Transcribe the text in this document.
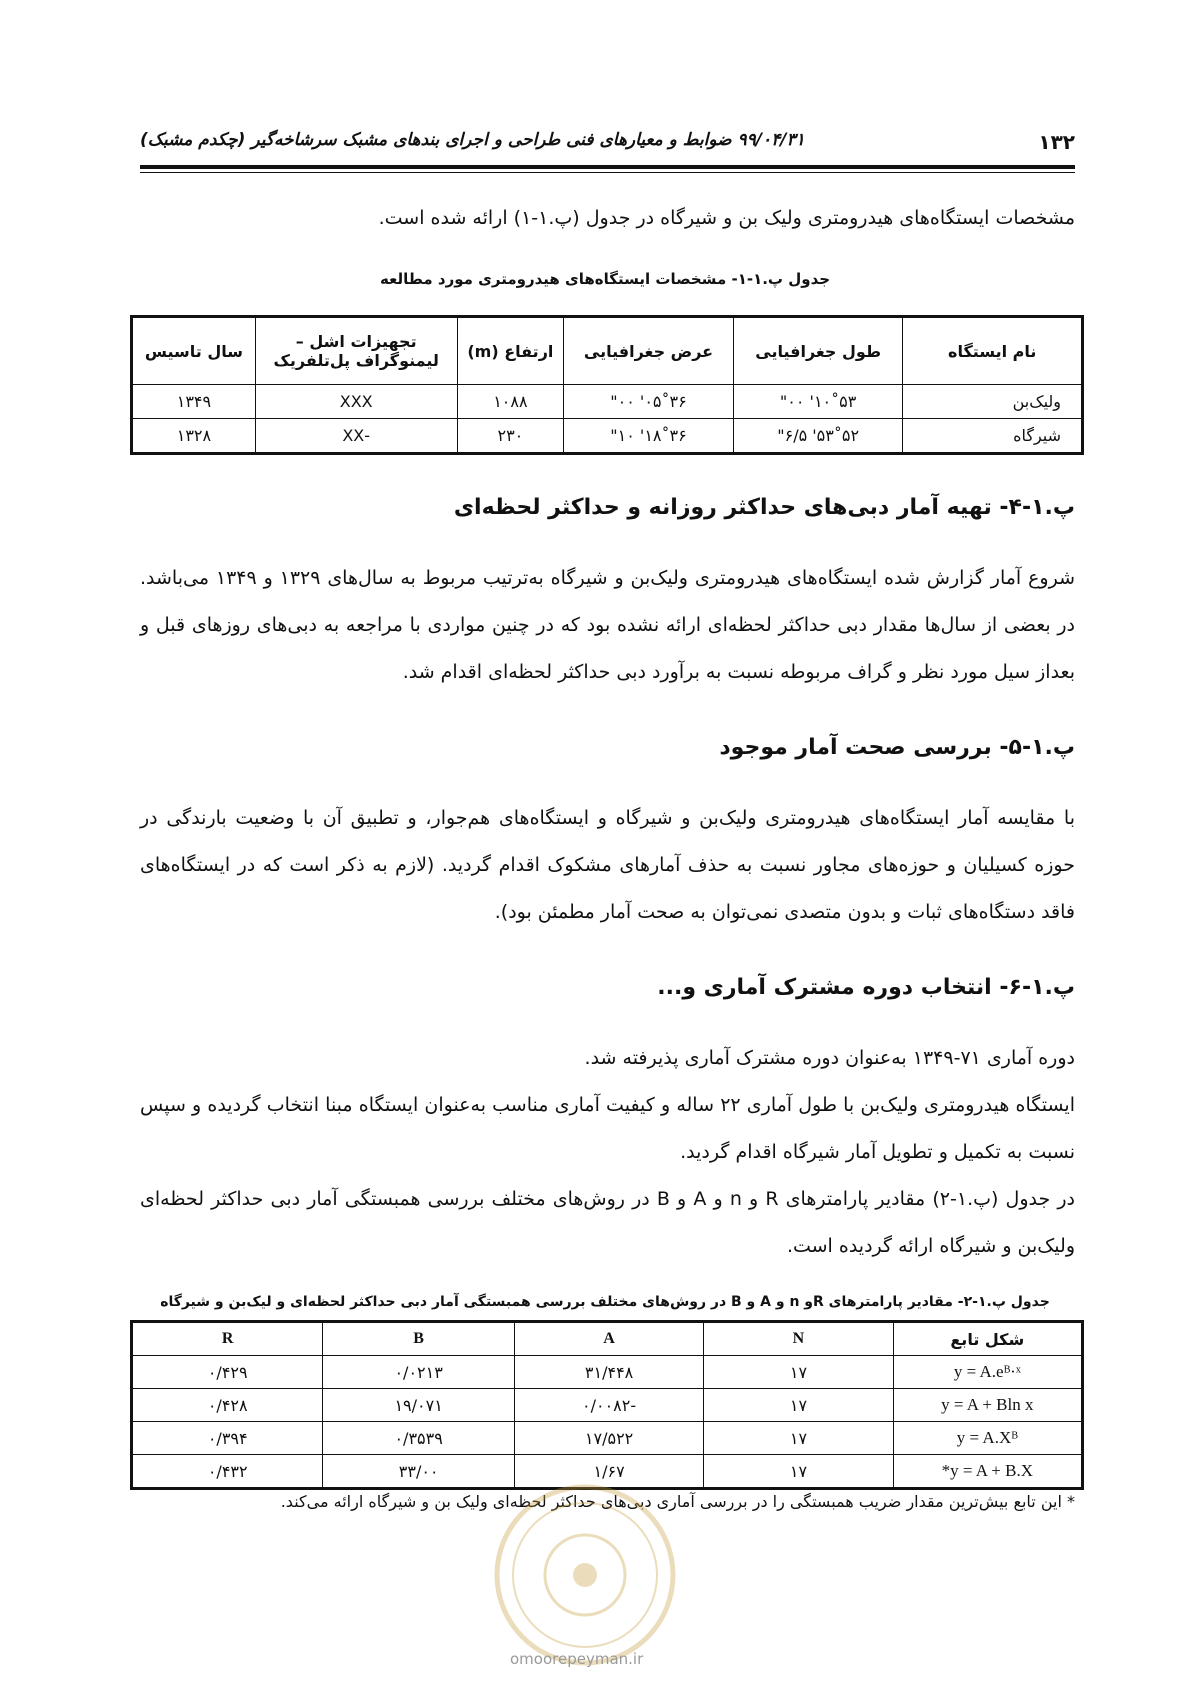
۱۳۲
۹۹/۰۴/۳۱ ضوابط و معیارهای فنی طراحی و اجرای بندهای مشبک سرشاخه‌گیر (چکدم مشبک)
مشخصات ایستگاه‌های هیدرومتری ولیک بن و شیرگاه در جدول (پ.۱-۱) ارائه شده است.
جدول پ.۱-۱- مشخصات ایستگاه‌های هیدرومتری مورد مطالعه
نام ایستگاه	طول جغرافیایی	عرض جغرافیایی	ارتفاع (m)	تجهیزات اشل – لیمنوگراف پل‌تلفریک	سال تاسیس
ولیک‌بن	۵۳˚۱۰' ۰۰"	۳۶˚۰۵' ۰۰"	۱۰۸۸	XXX	۱۳۴۹
شیرگاه	۵۲˚۵۳' ۶/۵"	۳۶˚۱۸' ۱۰"	۲۳۰	-XX	۱۳۲۸
پ.۱-۴- تهیه آمار دبی‌های حداکثر روزانه و حداکثر لحظه‌ای
شروع آمار گزارش شده ایستگاه‌های هیدرومتری ولیک‌بن و شیرگاه به‌ترتیب مربوط به سال‌های ۱۳۲۹ و ۱۳۴۹ می‌باشد. در بعضی از سال‌ها مقدار دبی حداکثر لحظه‌ای ارائه نشده بود که در چنین مواردی با مراجعه به دبی‌های روزهای قبل و بعداز سیل مورد نظر و گراف مربوطه نسبت به برآورد دبی حداکثر لحظه‌ای اقدام شد.
پ.۱-۵- بررسی صحت آمار موجود
با مقایسه آمار ایستگاه‌های هیدرومتری ولیک‌بن و شیرگاه و ایستگاه‌های هم‌جوار، و تطبیق آن با وضعیت بارندگی در حوزه کسیلیان و حوزه‌های مجاور نسبت به حذف آمارهای مشکوک اقدام گردید. (لازم به ذکر است که در ایستگاه‌های فاقد دستگاه‌های ثبات و بدون متصدی نمی‌توان به صحت آمار مطمئن بود).
پ.۱-۶- انتخاب دوره مشترک آماری و...
دوره آماری ۷۱-۱۳۴۹ به‌عنوان دوره مشترک آماری پذیرفته شد.
ایستگاه هیدرومتری ولیک‌بن با طول آماری ۲۲ ساله و کیفیت آماری مناسب به‌عنوان ایستگاه مبنا انتخاب گردیده و سپس نسبت به تکمیل و تطویل آمار شیرگاه اقدام گردید.
در جدول (پ.۱-۲) مقادیر پارامترهای R و n و A و B در روش‌های مختلف بررسی همبستگی آمار دبی حداکثر لحظه‌ای ولیک‌بن و شیرگاه ارائه گردیده است.
جدول پ.۱-۲- مقادیر پارامترهای Rو n و A و B در روش‌های مختلف بررسی همبستگی آمار دبی حداکثر لحظه‌ای و لیک‌بن و شیرگاه
شکل تابع	N	A	B	R
y = A.eᴮ·ˣ	۱۷	۳۱/۴۴۸	۰/۰۲۱۳	۰/۴۲۹
y = A + Bln x	۱۷	-۰/۰۰۸۲	۱۹/۰۷۱	۰/۴۲۸
y = A.Xᴮ	۱۷	۱۷/۵۲۲	۰/۳۵۳۹	۰/۳۹۴
*y = A + B.X	۱۷	۱/۶۷	۳۳/۰۰	۰/۴۳۲
* این تابع بیش‌ترین مقدار ضریب همبستگی را در بررسی آماری دبی‌های حداکثر لحظه‌ای ولیک بن و شیرگاه ارائه می‌کند.
omoorepeyman.ir
